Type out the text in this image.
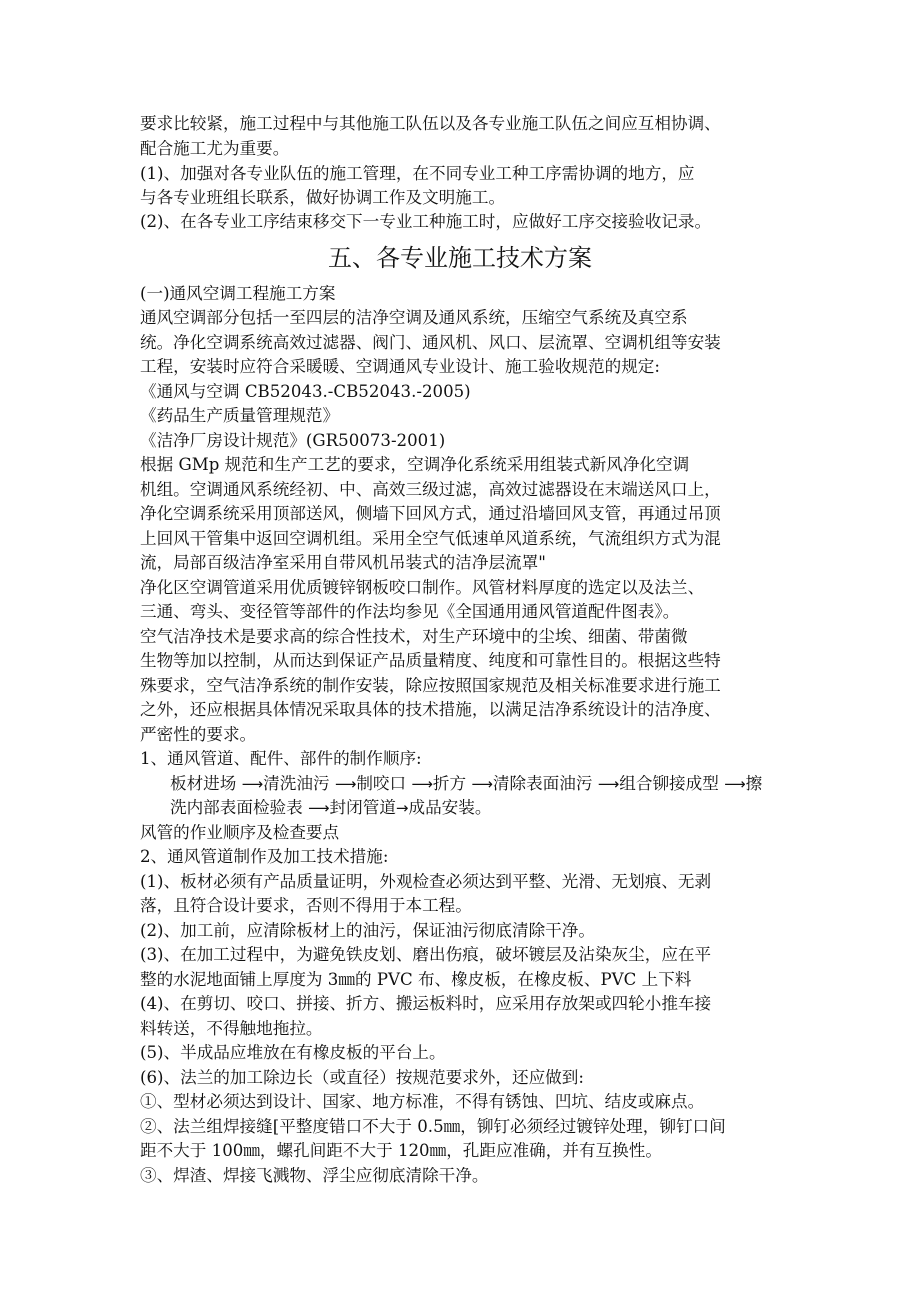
要求比较紧，施工过程中与其他施工队伍以及各专业施工队伍之间应互相协调、
配合施工尤为重要。
(1)、加强对各专业队伍的施工管理，在不同专业工种工序需协调的地方，应
与各专业班组长联系，做好协调工作及文明施工。
(2)、在各专业工序结束移交下一专业工种施工时，应做好工序交接验收记录。
五、各专业施工技术方案
(一)通风空调工程施工方案
通风空调部分包括一至四层的洁净空调及通风系统，压缩空气系统及真空系
统。净化空调系统高效过滤器、阀门、通风机、风口、层流罩、空调机组等安装
工程，安装时应符合采暖暖、空调通风专业设计、施工验收规范的规定:
《通风与空调 CB52043.-CB52043.-2005)
《药品生产质量管理规范》
《洁净厂房设计规范》(GR50073-2001)
根据 GMp 规范和生产工艺的要求，空调净化系统采用组装式新风净化空调
机组。空调通风系统经初、中、高效三级过滤，高效过滤器设在末端送风口上，
净化空调系统采用顶部送风，侧墙下回风方式，通过沿墙回风支管，再通过吊顶
上回风干管集中返回空调机组。采用全空气低速单风道系统，气流组织方式为混
流，局部百级洁净室采用自带风机吊装式的洁净层流罩"
净化区空调管道采用优质镀锌钢板咬口制作。风管材料厚度的选定以及法兰、
三通、弯头、变径管等部件的作法均参见《全国通用通风管道配件图表》。
空气洁净技术是要求高的综合性技术，对生产环境中的尘埃、细菌、带菌微
生物等加以控制，从而达到保证产品质量精度、纯度和可靠性目的。根据这些特
殊要求，空气洁净系统的制作安装，除应按照国家规范及相关标准要求进行施工
之外，还应根据具体情况采取具体的技术措施，以满足洁净系统设计的洁净度、
严密性的要求。
1、通风管道、配件、部件的制作顺序:
板材进场 ⟶清洗油污 ⟶制咬口 ⟶折方 ⟶清除表面油污 ⟶组合铆接成型 ⟶擦
洗内部表面检验表 ⟶封闭管道→成品安装。
风管的作业顺序及检查要点
2、通风管道制作及加工技术措施:
(1)、板材必须有产品质量证明，外观检查必须达到平整、光滑、无划痕、无剥
落，且符合设计要求，否则不得用于本工程。
(2)、加工前，应清除板材上的油污，保证油污彻底清除干净。
(3)、在加工过程中，为避免铁皮划、磨出伤痕，破坏镀层及沾染灰尘，应在平
整的水泥地面铺上厚度为 3㎜的 PVC 布、橡皮板，在橡皮板、PVC 上下料
(4)、在剪切、咬口、拼接、折方、搬运板料时，应采用存放架或四轮小推车接
料转送，不得触地拖拉。
(5)、半成品应堆放在有橡皮板的平台上。
(6)、法兰的加工除边长（或直径）按规范要求外，还应做到:
①、型材必须达到设计、国家、地方标准，不得有锈蚀、凹坑、结皮或麻点。
②、法兰组焊接缝[平整度错口不大于 0.5㎜，铆钉必须经过镀锌处理，铆钉口间
距不大于 100㎜，螺孔间距不大于 120㎜，孔距应准确，并有互换性。
③、焊渣、焊接飞溅物、浮尘应彻底清除干净。
